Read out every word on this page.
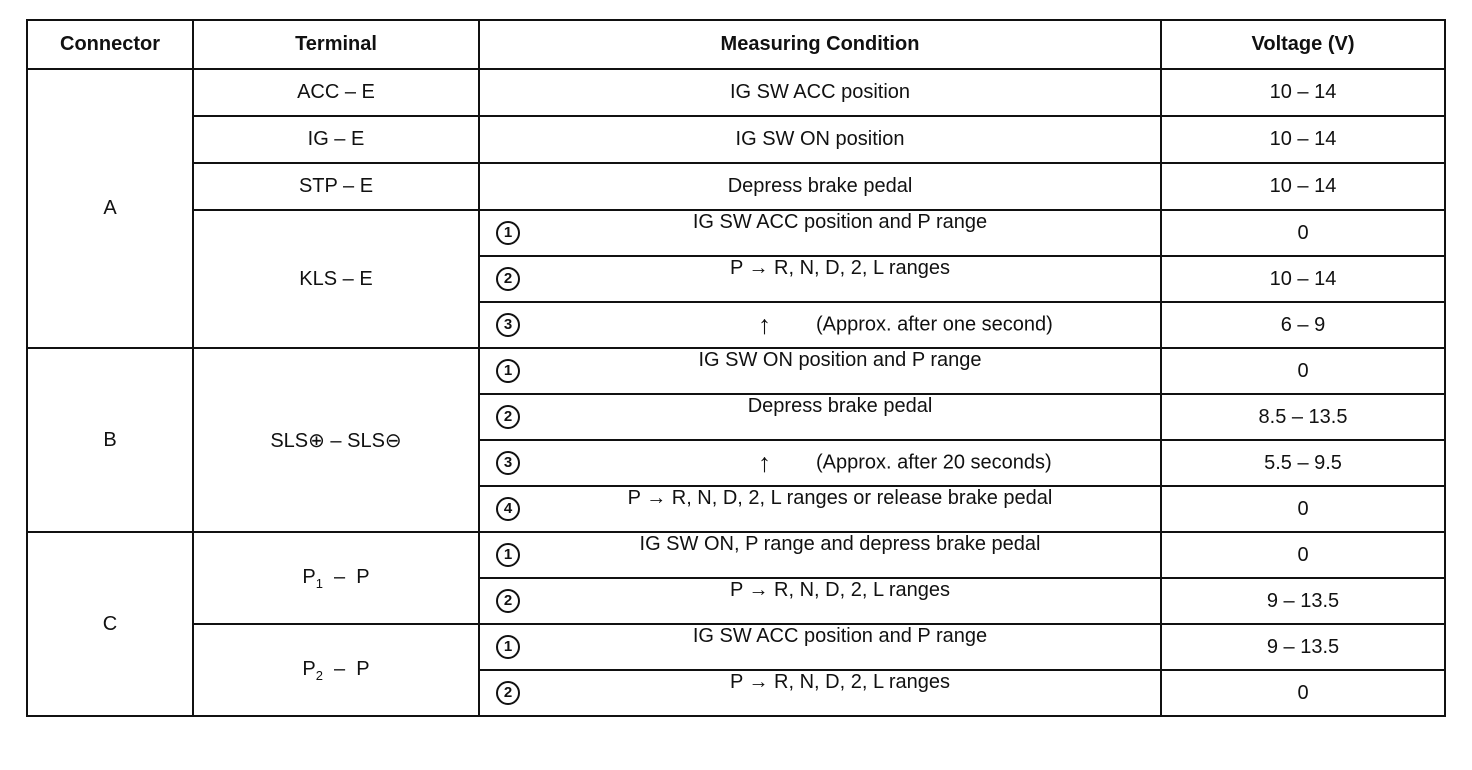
Connector	Terminal	Measuring Condition	Voltage (V)
A	ACC – E	IG SW ACC position	10 – 14
	IG – E	IG SW ON position	10 – 14
	STP – E	Depress brake pedal	10 – 14
	KLS – E	1 IG SW ACC position and P range	0

		2 P → R, N, D, 2, L ranges	10 – 14

		3 ↑ (Approx. after one second)	6 – 9
B	SLS⊕ – SLS⊖	1 IG SW ON position and P range	0

		2 Depress brake pedal	8.5 – 13.5

		3 ↑ (Approx. after 20 seconds)	5.5 – 9.5

		4 P → R, N, D, 2, L ranges or release brake pedal	0
C	$P_1$  –  P	1 IG SW ON, P range and depress brake pedal	0

		2 P → R, N, D, 2, L ranges	9 – 13.5
	$P_2$  –  P	1 IG SW ACC position and P range	9 – 13.5

		2 P → R, N, D, 2, L ranges	0
